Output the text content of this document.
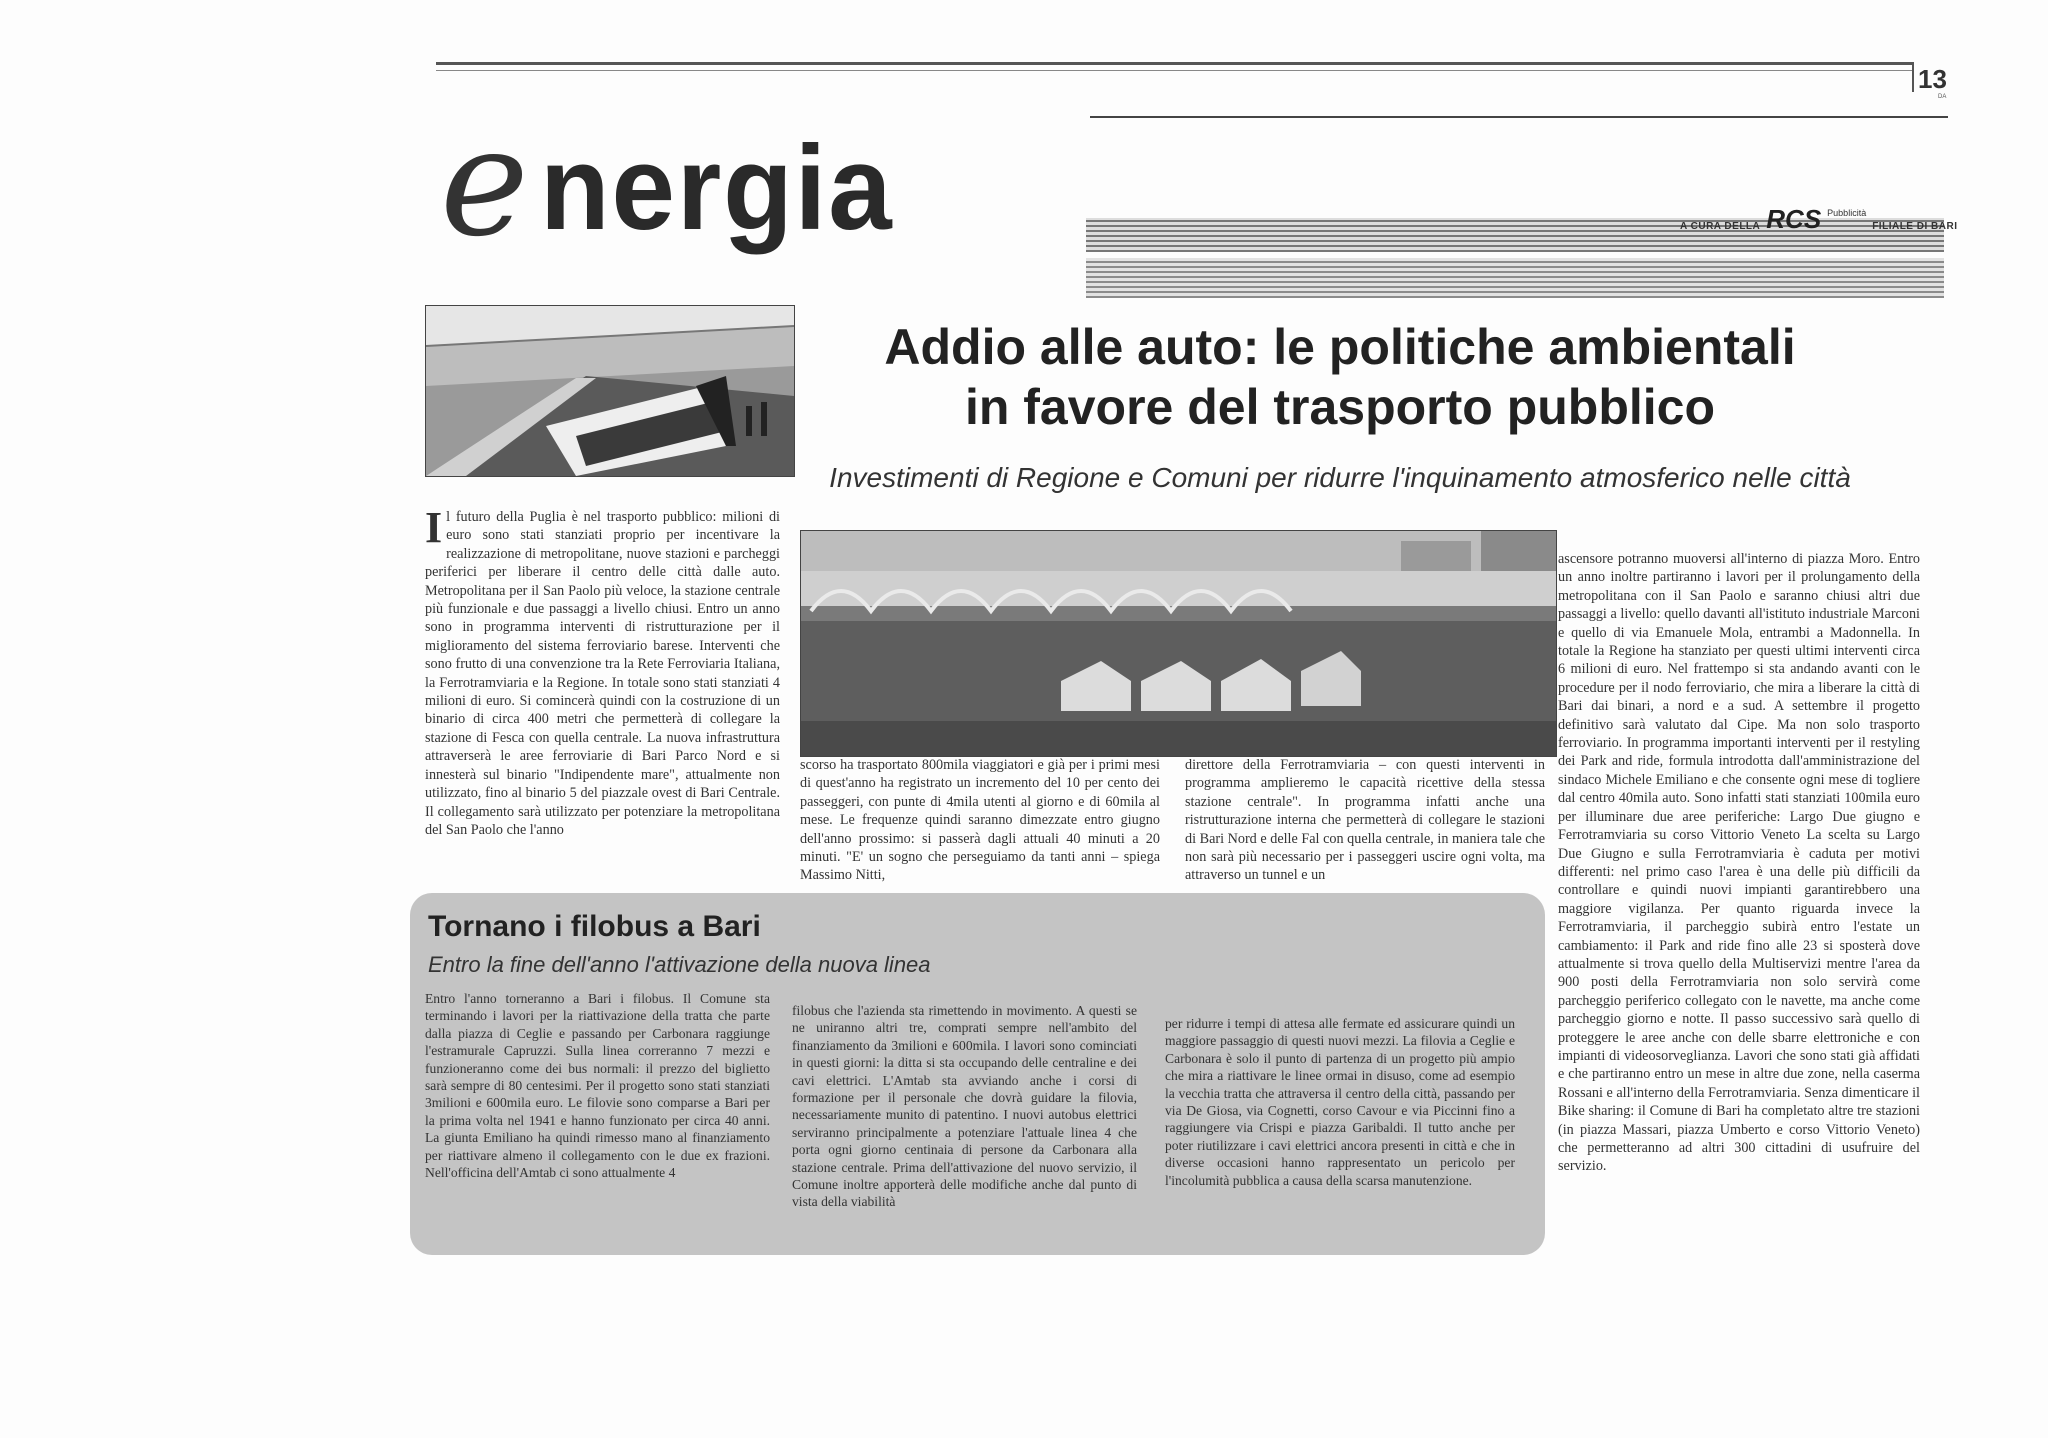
13
DA
e nergia	A CURA DELLA RCS Pubblicità
FILIALE DI BARI
Addio alle auto: le politiche ambientali
in favore del trasporto pubblico
Investimenti di Regione e Comuni per ridurre l'inquinamento atmosferico nelle città
Il futuro della Puglia è nel trasporto pubblico: milioni di euro sono stati stanziati proprio per incentivare la realizzazione di metropolitane, nuove stazioni e parcheggi periferici per liberare il centro delle città dalle auto. Metropolitana per il San Paolo più veloce, la stazione centrale più funzionale e due passaggi a livello chiusi. Entro un anno sono in programma interventi di ristrutturazione per il miglioramento del sistema ferroviario barese. Interventi che sono frutto di una convenzione tra la Rete Ferroviaria Italiana, la Ferrotramviaria e la Regione. In totale sono stati stanziati 4 milioni di euro. Si comincerà quindi con la costruzione di un binario di circa 400 metri che permetterà di collegare la stazione di Fesca con quella centrale. La nuova infrastruttura attraverserà le aree ferroviarie di Bari Parco Nord e si innesterà sul binario "Indipendente mare", attualmente non utilizzato, fino al binario 5 del piazzale ovest di Bari Centrale. Il collegamento sarà utilizzato per potenziare la metropolitana del San Paolo che l'anno
scorso ha trasportato 800mila viaggiatori e già per i primi mesi di quest'anno ha registrato un incremento del 10 per cento dei passeggeri, con punte di 4mila utenti al giorno e di 60mila al mese. Le frequenze quindi saranno dimezzate entro giugno dell'anno prossimo: si passerà dagli attuali 40 minuti a 20 minuti. "E' un sogno che perseguiamo da tanti anni – spiega Massimo Nitti,
direttore della Ferrotramviaria – con questi interventi in programma amplieremo le capacità ricettive della stessa stazione centrale". In programma infatti anche una ristrutturazione interna che permetterà di collegare le stazioni di Bari Nord e delle Fal con quella centrale, in maniera tale che non sarà più necessario per i passeggeri uscire ogni volta, ma attraverso un tunnel e un
ascensore potranno muoversi all'interno di piazza Moro. Entro un anno inoltre partiranno i lavori per il prolungamento della metropolitana con il San Paolo e saranno chiusi altri due passaggi a livello: quello davanti all'istituto industriale Marconi e quello di via Emanuele Mola, entrambi a Madonnella. In totale la Regione ha stanziato per questi ultimi interventi circa 6 milioni di euro. Nel frattempo si sta andando avanti con le procedure per il nodo ferroviario, che mira a liberare la città di Bari dai binari, a nord e a sud. A settembre il progetto definitivo sarà valutato dal Cipe. Ma non solo trasporto ferroviario. In programma importanti interventi per il restyling dei Park and ride, formula introdotta dall'amministrazione del sindaco Michele Emiliano e che consente ogni mese di togliere dal centro 40mila auto. Sono infatti stati stanziati 100mila euro per illuminare due aree periferiche: Largo Due giugno e Ferrotramviaria su corso Vittorio Veneto La scelta su Largo Due Giugno e sulla Ferrotramviaria è caduta per motivi differenti: nel primo caso l'area è una delle più difficili da controllare e quindi nuovi impianti garantirebbero una maggiore vigilanza. Per quanto riguarda invece la Ferrotramviaria, il parcheggio subirà entro l'estate un cambiamento: il Park and ride fino alle 23 si sposterà dove attualmente si trova quello della Multiservizi mentre l'area da 900 posti della Ferrotramviaria non solo servirà come parcheggio periferico collegato con le navette, ma anche come parcheggio giorno e notte. Il passo successivo sarà quello di proteggere le aree anche con delle sbarre elettroniche e con impianti di videosorveglianza. Lavori che sono stati già affidati e che partiranno entro un mese in altre due zone, nella caserma Rossani e all'interno della Ferrotramviaria. Senza dimenticare il Bike sharing: il Comune di Bari ha completato altre tre stazioni (in piazza Massari, piazza Umberto e corso Vittorio Veneto) che permetteranno ad altri 300 cittadini di usufruire del servizio.
Tornano i filobus a Bari
Entro la fine dell'anno l'attivazione della nuova linea
Entro l'anno torneranno a Bari i filobus. Il Comune sta terminando i lavori per la riattivazione della tratta che parte dalla piazza di Ceglie e passando per Carbonara raggiunge l'estramurale Capruzzi. Sulla linea correranno 7 mezzi e funzioneranno come dei bus normali: il prezzo del biglietto sarà sempre di 80 centesimi. Per il progetto sono stati stanziati 3milioni e 600mila euro. Le filovie sono comparse a Bari per la prima volta nel 1941 e hanno funzionato per circa 40 anni. La giunta Emiliano ha quindi rimesso mano al finanziamento per riattivare almeno il collegamento con le due ex frazioni. Nell'officina dell'Amtab ci sono attualmente 4
filobus che l'azienda sta rimettendo in movimento. A questi se ne uniranno altri tre, comprati sempre nell'ambito del finanziamento da 3milioni e 600mila. I lavori sono cominciati in questi giorni: la ditta si sta occupando delle centraline e dei cavi elettrici. L'Amtab sta avviando anche i corsi di formazione per il personale che dovrà guidare la filovia, necessariamente munito di patentino. I nuovi autobus elettrici serviranno principalmente a potenziare l'attuale linea 4 che porta ogni giorno centinaia di persone da Carbonara alla stazione centrale. Prima dell'attivazione del nuovo servizio, il Comune inoltre apporterà delle modifiche anche dal punto di vista della viabilità
per ridurre i tempi di attesa alle fermate ed assicurare quindi un maggiore passaggio di questi nuovi mezzi. La filovia a Ceglie e Carbonara è solo il punto di partenza di un progetto più ampio che mira a riattivare le linee ormai in disuso, come ad esempio la vecchia tratta che attraversa il centro della città, passando per via De Giosa, via Cognetti, corso Cavour e via Piccinni fino a raggiungere via Crispi e piazza Garibaldi. Il tutto anche per poter riutilizzare i cavi elettrici ancora presenti in città e che in diverse occasioni hanno rappresentato un pericolo per l'incolumità pubblica a causa della scarsa manutenzione.
